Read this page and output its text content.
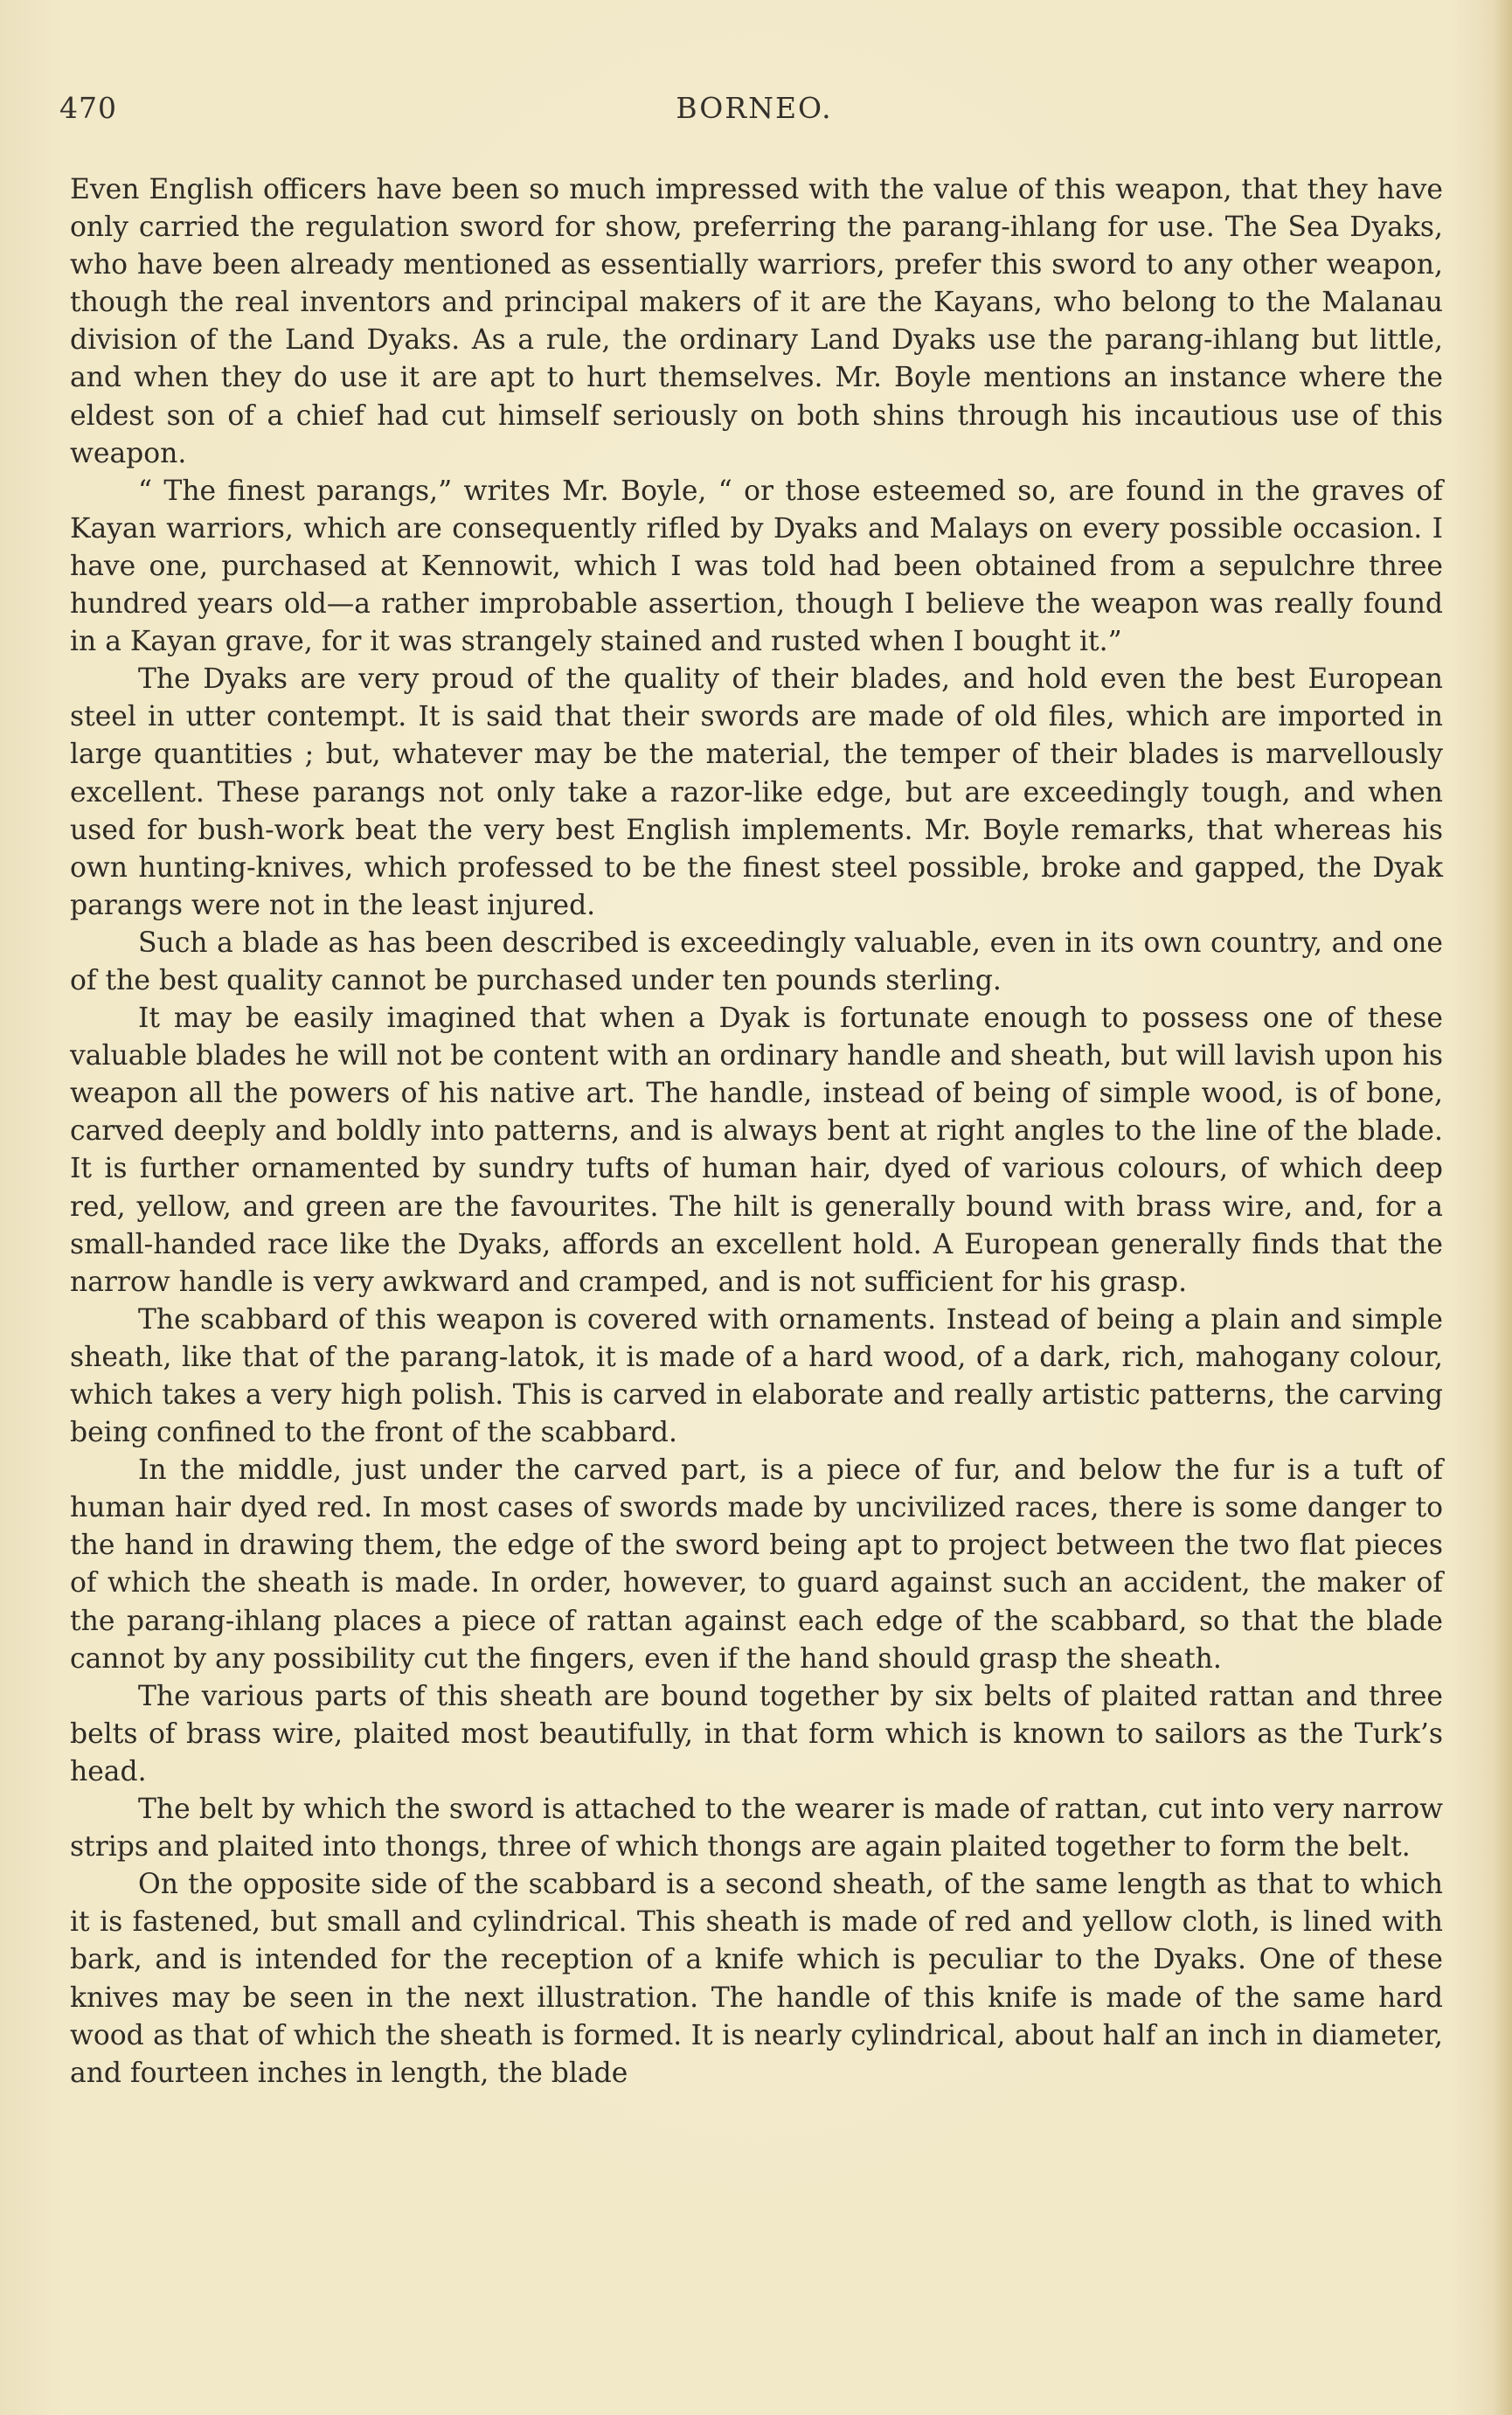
470	BORNEO.

Even English officers have been so much impressed with the value of this weapon, that they have only carried the regulation sword for show, preferring the parang-ihlang for use. The Sea Dyaks, who have been already mentioned as essentially warriors, prefer this sword to any other weapon, though the real inventors and principal makers of it are the Kayans, who belong to the Malanau division of the Land Dyaks. As a rule, the ordinary Land Dyaks use the parang-ihlang but little, and when they do use it are apt to hurt themselves. Mr. Boyle mentions an instance where the eldest son of a chief had cut himself seriously on both shins through his incautious use of this weapon.

“ The finest parangs,” writes Mr. Boyle, “ or those esteemed so, are found in the graves of Kayan warriors, which are consequently rifled by Dyaks and Malays on every possible occasion. I have one, purchased at Kennowit, which I was told had been obtained from a sepulchre three hundred years old—a rather improbable assertion, though I believe the weapon was really found in a Kayan grave, for it was strangely stained and rusted when I bought it.”

The Dyaks are very proud of the quality of their blades, and hold even the best European steel in utter contempt. It is said that their swords are made of old files, which are imported in large quantities ; but, whatever may be the material, the temper of their blades is marvellously excellent. These parangs not only take a razor-like edge, but are exceedingly tough, and when used for bush-work beat the very best English implements. Mr. Boyle remarks, that whereas his own hunting-knives, which professed to be the finest steel possible, broke and gapped, the Dyak parangs were not in the least injured.

Such a blade as has been described is exceedingly valuable, even in its own country, and one of the best quality cannot be purchased under ten pounds sterling.

It may be easily imagined that when a Dyak is fortunate enough to possess one of these valuable blades he will not be content with an ordinary handle and sheath, but will lavish upon his weapon all the powers of his native art. The handle, instead of being of simple wood, is of bone, carved deeply and boldly into patterns, and is always bent at right angles to the line of the blade. It is further ornamented by sundry tufts of human hair, dyed of various colours, of which deep red, yellow, and green are the favourites. The hilt is generally bound with brass wire, and, for a small-handed race like the Dyaks, affords an excellent hold. A European generally finds that the narrow handle is very awkward and cramped, and is not sufficient for his grasp.

The scabbard of this weapon is covered with ornaments. Instead of being a plain and simple sheath, like that of the parang-latok, it is made of a hard wood, of a dark, rich, mahogany colour, which takes a very high polish. This is carved in elaborate and really artistic patterns, the carving being confined to the front of the scabbard.

In the middle, just under the carved part, is a piece of fur, and below the fur is a tuft of human hair dyed red. In most cases of swords made by uncivilized races, there is some danger to the hand in drawing them, the edge of the sword being apt to project between the two flat pieces of which the sheath is made. In order, however, to guard against such an accident, the maker of the parang-ihlang places a piece of rattan against each edge of the scabbard, so that the blade cannot by any possibility cut the fingers, even if the hand should grasp the sheath.

The various parts of this sheath are bound together by six belts of plaited rattan and three belts of brass wire, plaited most beautifully, in that form which is known to sailors as the Turk’s head.

The belt by which the sword is attached to the wearer is made of rattan, cut into very narrow strips and plaited into thongs, three of which thongs are again plaited together to form the belt.

On the opposite side of the scabbard is a second sheath, of the same length as that to which it is fastened, but small and cylindrical. This sheath is made of red and yellow cloth, is lined with bark, and is intended for the reception of a knife which is peculiar to the Dyaks. One of these knives may be seen in the next illustration. The handle of this knife is made of the same hard wood as that of which the sheath is formed. It is nearly cylindrical, about half an inch in diameter, and fourteen inches in length, the blade
